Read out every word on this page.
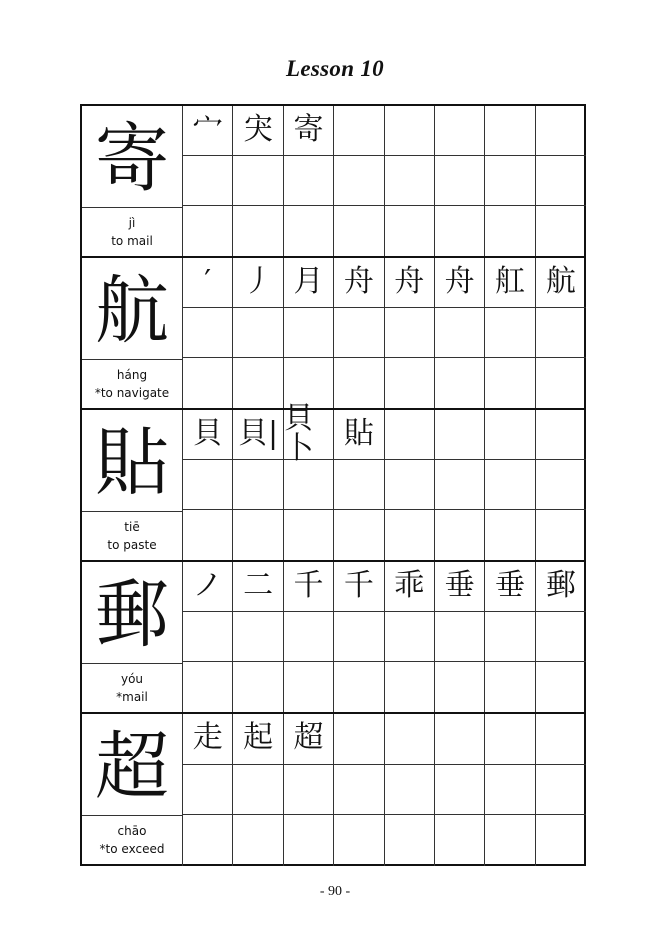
Lesson 10
寄
jì
to mail
宀 宊 寄
航
háng
*to navigate
′	丿 月 舟 舟 舟 舡 航
貼
tiē
to paste
貝 貝| 貝卜	貼
郵
yóu
*mail
ノ 二 千 千 乖 垂 垂 郵
超
chāo
*to exceed
走 起 超
- 90 -
